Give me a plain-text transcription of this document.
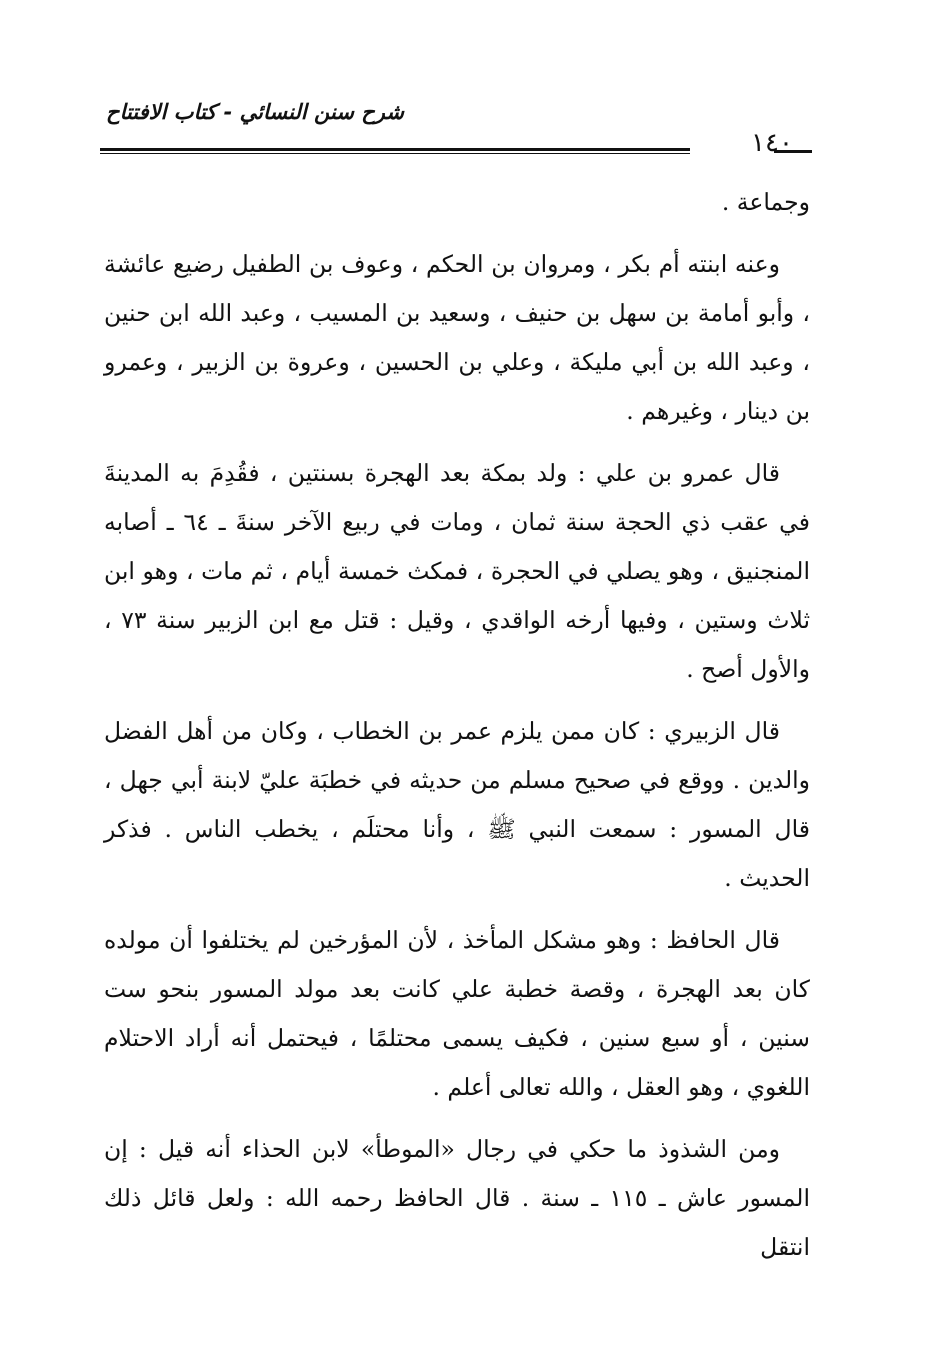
شرح سنن النسائي - كتاب الافتتاح
١٤٠

وجماعة .

وعنه ابنته أم بكر ، ومروان بن الحكم ، وعوف بن الطفيل رضيع عائشة ، وأبو أمامة بن سهل بن حنيف ، وسعيد بن المسيب ، وعبد الله ابن حنين ، وعبد الله بن أبي مليكة ، وعلي بن الحسين ، وعروة بن الزبير ، وعمرو بن دينار ، وغيرهم .

قال عمرو بن علي : ولد بمكة بعد الهجرة بسنتين ، فقُدِمَ به المدينةَ في عقب ذي الحجة سنة ثمان ، ومات في ربيع الآخر سنةَ ـ ٦٤ ـ أصابه المنجنيق ، وهو يصلي في الحجرة ، فمكث خمسة أيام ، ثم مات ، وهو ابن ثلاث وستين ، وفيها أرخه الواقدي ، وقيل : قتل مع ابن الزبير سنة ٧٣ ، والأول أصح .

قال الزبيري : كان ممن يلزم عمر بن الخطاب ، وكان من أهل الفضل والدين . ووقع في صحيح مسلم من حديثه في خطبَة عليّ لابنة أبي جهل ، قال المسور : سمعت النبي ﷺ ، وأنا محتلَم ، يخطب الناس . فذكر الحديث .

قال الحافظ : وهو مشكل المأخذ ، لأن المؤرخين لم يختلفوا أن مولده كان بعد الهجرة ، وقصة خطبة علي كانت بعد مولد المسور بنحو ست سنين ، أو سبع سنين ، فكيف يسمى محتلمًا ، فيحتمل أنه أراد الاحتلام اللغوي ، وهو العقل ، والله تعالى أعلم .

ومن الشذوذ ما حكي في رجال «الموطأ» لابن الحذاء أنه قيل : إن المسور عاش ـ ١١٥ ـ سنة . قال الحافظ رحمه الله : ولعل قائل ذلك انتقل
